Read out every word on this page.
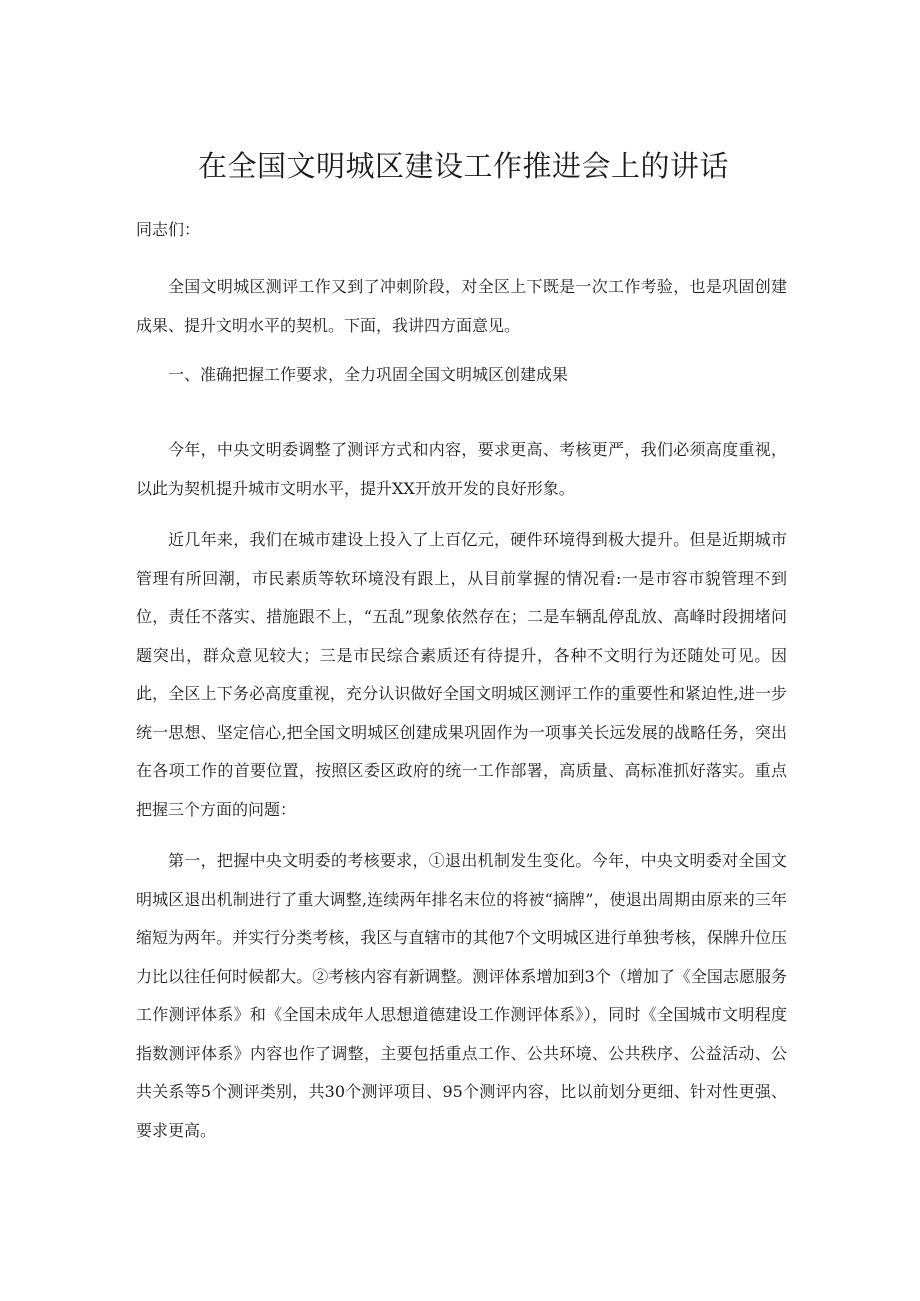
在全国文明城区建设工作推进会上的讲话

同志们：

全国文明城区测评工作又到了冲刺阶段，对全区上下既是一次工作考验，也是巩固创建成果、提升文明水平的契机。下面，我讲四方面意见。

一、准确把握工作要求，全力巩固全国文明城区创建成果

今年，中央文明委调整了测评方式和内容，要求更高、考核更严，我们必须高度重视，以此为契机提升城市文明水平，提升XX开放开发的良好形象。

近几年来，我们在城市建设上投入了上百亿元，硬件环境得到极大提升。但是近期城市管理有所回潮，市民素质等软环境没有跟上，从目前掌握的情况看:一是市容市貌管理不到位，责任不落实、措施跟不上，“五乱”现象依然存在；二是车辆乱停乱放、高峰时段拥堵问题突出，群众意见较大；三是市民综合素质还有待提升，各种不文明行为还随处可见。因此，全区上下务必高度重视，充分认识做好全国文明城区测评工作的重要性和紧迫性,进一步统一思想、坚定信心,把全国文明城区创建成果巩固作为一项事关长远发展的战略任务，突出在各项工作的首要位置，按照区委区政府的统一工作部署，高质量、高标准抓好落实。重点把握三个方面的问题：

第一，把握中央文明委的考核要求，①退出机制发生变化。今年，中央文明委对全国文明城区退出机制进行了重大调整,连续两年排名末位的将被“摘牌”，使退出周期由原来的三年缩短为两年。并实行分类考核，我区与直辖市的其他7个文明城区进行单独考核，保牌升位压力比以往任何时候都大。②考核内容有新调整。测评体系增加到3个（增加了《全国志愿服务工作测评体系》和《全国未成年人思想道德建设工作测评体系》），同时《全国城市文明程度指数测评体系》内容也作了调整，主要包括重点工作、公共环境、公共秩序、公益活动、公共关系等5个测评类别，共30个测评项目、95个测评内容，比以前划分更细、针对性更强、要求更高。
